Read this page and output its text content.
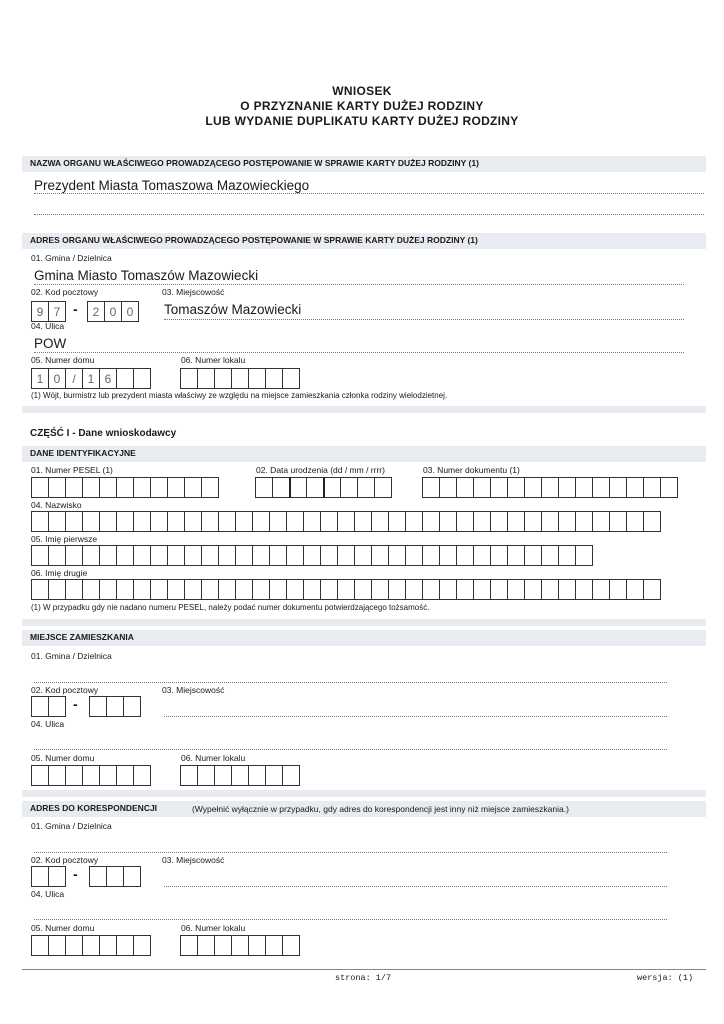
WNIOSEK
O PRZYZNANIE KARTY DUŻEJ RODZINY
LUB WYDANIE DUPLIKATU KARTY DUŻEJ RODZINY
NAZWA ORGANU WŁAŚCIWEGO PROWADZĄCEGO POSTĘPOWANIE W SPRAWIE KARTY DUŻEJ RODZINY (1)
Prezydent Miasta Tomaszowa Mazowieckiego
ADRES ORGANU WŁAŚCIWEGO PROWADZĄCEGO POSTĘPOWANIE W SPRAWIE KARTY DUŻEJ RODZINY (1)
01. Gmina / Dzielnica
Gmina Miasto Tomaszów Mazowiecki
02. Kod pocztowy	03. Miejscowość
9 7 -	2 0 0	Tomaszów Mazowiecki
04. Ulica
POW
05. Numer domu	06. Numer lokalu
1 0 / 1 6
(1) Wójt, burmistrz lub prezydent miasta właściwy ze względu na miejsce zamieszkania członka rodziny wielodzietnej.
CZĘŚĆ I - Dane wnioskodawcy
DANE IDENTYFIKACYJNE
01. Numer PESEL (1)	02. Data urodzenia (dd / mm / rrrr)	03. Numer dokumentu (1)
04. Nazwisko
05. Imię pierwsze
06. Imię drugie
(1) W przypadku gdy nie nadano numeru PESEL, należy podać numer dokumentu potwierdzającego tożsamość.
MIEJSCE ZAMIESZKANIA
01. Gmina / Dzielnica
02. Kod pocztowy	03. Miejscowość
-
04. Ulica
05. Numer domu	06. Numer lokalu
ADRES DO KORESPONDENCJI	(Wypełnić wyłącznie w przypadku, gdy adres do korespondencji jest inny niż miejsce zamieszkania.)
01. Gmina / Dzielnica
02. Kod pocztowy	03. Miejscowość
-
04. Ulica
05. Numer domu	06. Numer lokalu
strona: 1/7	wersja: (1)
